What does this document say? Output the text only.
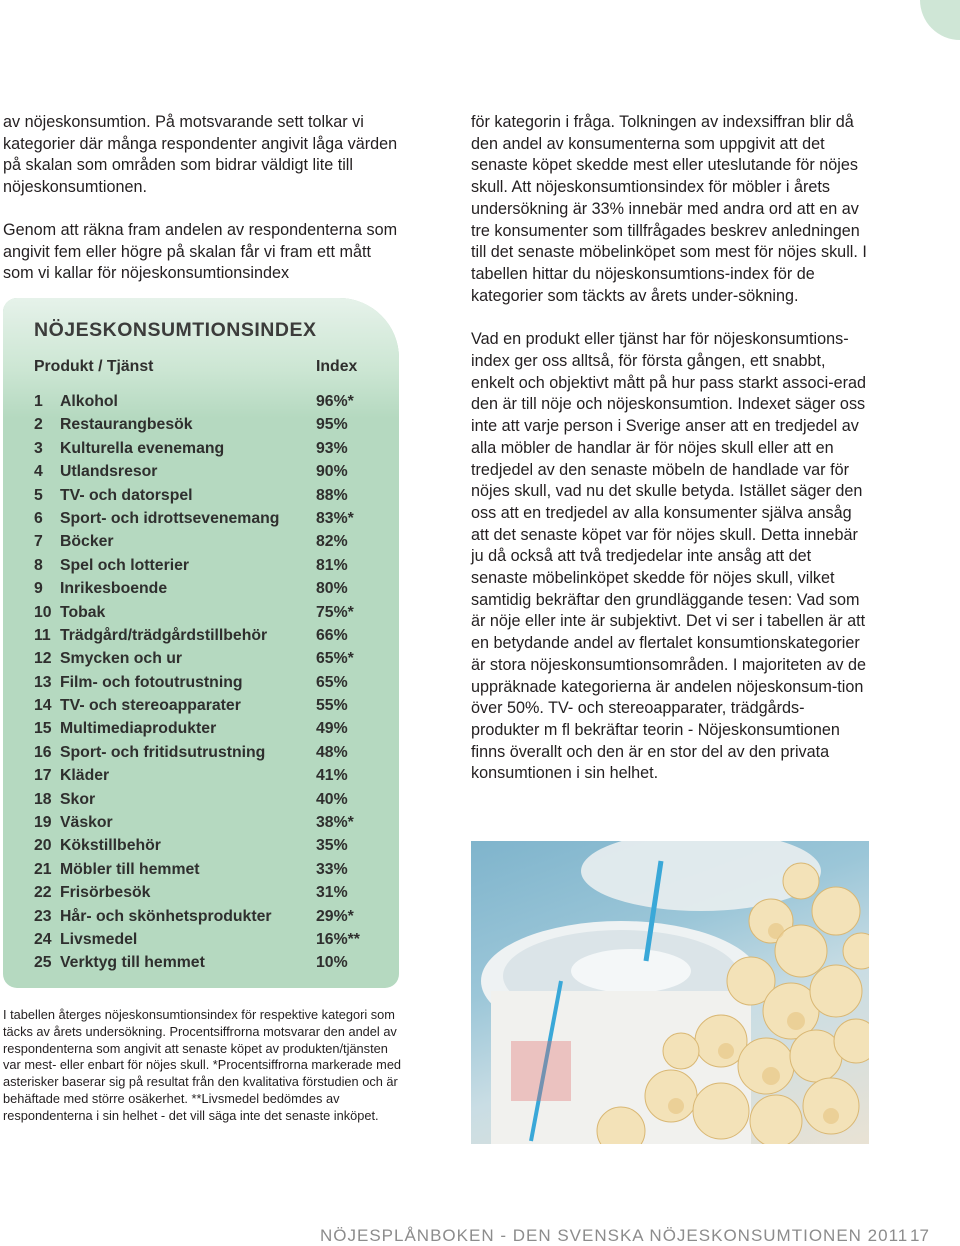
av nöjeskonsumtion. På motsvarande sett tolkar vi kategorier där många respondenter angivit låga värden på skalan som områden som bidrar väldigt lite till nöjeskonsumtionen.

Genom att räkna fram andelen av respondenterna som angivit fem eller högre på skalan får vi fram ett mått som vi kallar för nöjeskonsumtionsindex

NÖJESKONSUMTIONSINDEX
Produkt / Tjänst	Index
1	Alkohol	96%*
2	Restaurangbesök	95%
3	Kulturella evenemang	93%
4	Utlandsresor	90%
5	TV- och datorspel	88%
6	Sport- och idrottsevenemang 83%*
7	Böcker	82%
8	Spel och lotterier	81%
9	Inrikesboende	80%
10 Tobak	75%*
11 Trädgård/trädgårdstillbehör	66%
12 Smycken och ur	65%*
13 Film- och fotoutrustning	65%
14 TV- och stereoapparater	55%
15 Multimediaprodukter	49%
16 Sport- och fritidsutrustning	48%
17 Kläder	41%
18 Skor	40%
19 Väskor	38%*
20 Kökstillbehör	35%
21 Möbler till hemmet	33%
22 Frisörbesök	31%
23 Hår- och skönhetsprodukter	29%*
24 Livsmedel	16%**
25 Verktyg till hemmet	10%
I tabellen återges nöjeskonsumtionsindex för respektive kategori som täcks av årets undersökning. Procentsiffrorna motsvarar den andel av respondenterna som angivit att senaste köpet av produkten/tjänsten var mest- eller enbart för nöjes skull. *Procentsiffrorna markerade med asterisker baserar sig på resultat från den kvalitativa förstudien och är behäftade med större osäkerhet. **Livsmedel bedömdes av respondenterna i sin helhet - det vill säga inte det senaste inköpet.

för kategorin i fråga. Tolkningen av indexsiffran blir då den andel av konsumenterna som uppgivit att det senaste köpet skedde mest eller uteslutande för nöjes skull. Att nöjeskonsumtionsindex för möbler i årets undersökning är 33% innebär med andra ord att en av tre konsumenter som tillfrågades beskrev anledningen till det senaste möbelinköpet som mest för nöjes skull. I tabellen hittar du nöjeskonsumtions-index för de kategorier som täckts av årets under-sökning.

Vad en produkt eller tjänst har för nöjeskonsumtions-index ger oss alltså, för första gången, ett snabbt, enkelt och objektivt mått på hur pass starkt associ-erad den är till nöje och nöjeskonsumtion. Indexet säger oss inte att varje person i Sverige anser att en tredjedel av alla möbler de handlar är för nöjes skull eller att en tredjedel av den senaste möbeln de handlade var för nöjes skull, vad nu det skulle betyda. Istället säger den oss att en tredjedel av alla konsumenter själva ansåg att det senaste köpet var för nöjes skull. Detta innebär ju då också att två tredjedelar inte ansåg att det senaste möbelinköpet skedde för nöjes skull, vilket samtidig bekräftar den grundläggande tesen: Vad som är nöje eller inte är subjektivt. Det vi ser i tabellen är att en betydande andel av flertalet konsumtionskategorier är stora nöjeskonsumtionsområden. I majoriteten av de uppräknade kategorierna är andelen nöjeskonsum-tion över 50%. TV- och stereoapparater, trädgårds-produkter m fl bekräftar teorin - Nöjeskonsumtionen finns överallt och den är en stor del av den privata konsumtionen i sin helhet.

NÖJESPLÅNBOKEN - DEN SVENSKA NÖJESKONSUMTIONEN 2011 17
